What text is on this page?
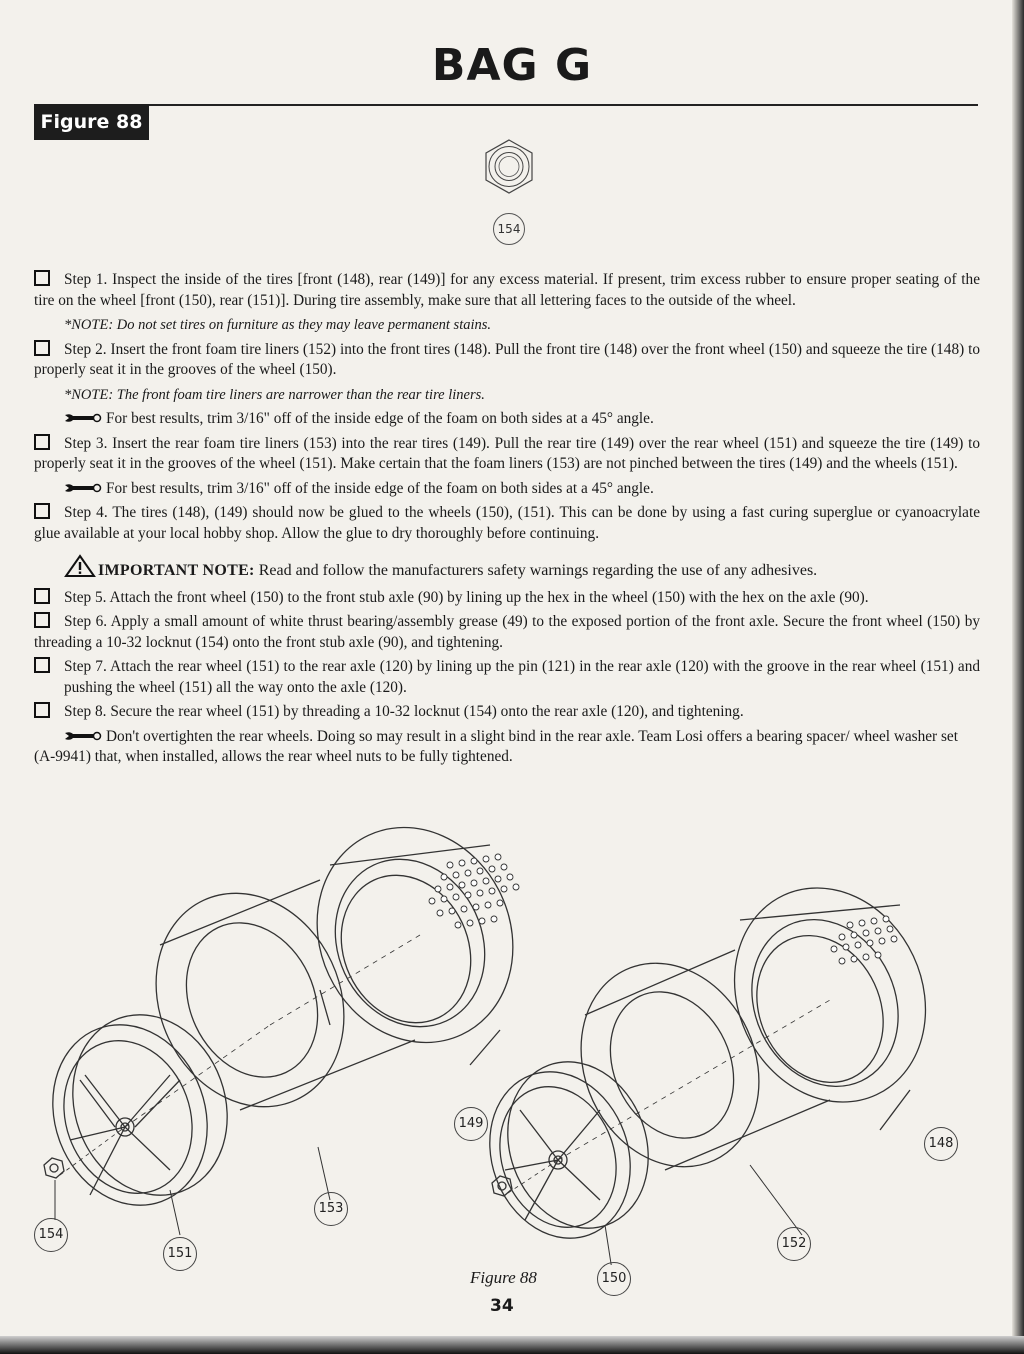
BAG G
Figure 88
154

Step 1. Inspect the inside of the tires [front (148), rear (149)] for any excess material. If present, trim excess rubber to ensure proper seating of the tire on the wheel [front (150), rear (151)]. During tire assembly, make sure that all lettering faces to the outside of the wheel.

*NOTE: Do not set tires on furniture as they may leave permanent stains.

Step 2. Insert the front foam tire liners (152) into the front tires (148). Pull the front tire (148) over the front wheel (150) and squeeze the tire (148) to properly seat it in the grooves of the wheel (150).

*NOTE: The front foam tire liners are narrower than the rear tire liners.

For best results, trim 3/16" off of the inside edge of the foam on both sides at a 45° angle.

Step 3. Insert the rear foam tire liners (153) into the rear tires (149). Pull the rear tire (149) over the rear wheel (151) and squeeze the tire (149) to properly seat it in the grooves of the wheel (151). Make certain that the foam liners (153) are not pinched between the tires (149) and the wheels (151).

For best results, trim 3/16" off of the inside edge of the foam on both sides at a 45° angle.

Step 4. The tires (148), (149) should now be glued to the wheels (150), (151). This can be done by using a fast curing superglue or cyanoacrylate glue available at your local hobby shop. Allow the glue to dry thoroughly before continuing.

IMPORTANT NOTE: Read and follow the manufacturers safety warnings regarding the use of any adhesives.

Step 5. Attach the front wheel (150) to the front stub axle (90) by lining up the hex in the wheel (150) with the hex on the axle (90).

Step 6. Apply a small amount of white thrust bearing/assembly grease (49) to the exposed portion of the front axle. Secure the front wheel (150) by threading a 10-32 locknut (154) onto the front stub axle (90), and tightening.

Step 7. Attach the rear wheel (151) to the rear axle (120) by lining up the pin (121) in the rear axle (120) with the groove in the rear wheel (151) and pushing the wheel (151) all the way onto the axle (120).

Step 8. Secure the rear wheel (151) by threading a 10-32 locknut (154) onto the rear axle (120), and tightening.

Don't overtighten the rear wheels. Doing so may result in a slight bind in the rear axle. Team Losi offers a bearing spacer/ wheel washer set (A-9941) that, when installed, allows the rear wheel nuts to be fully tightened.

149
153
154
151
148
152
150
Figure 88
34
